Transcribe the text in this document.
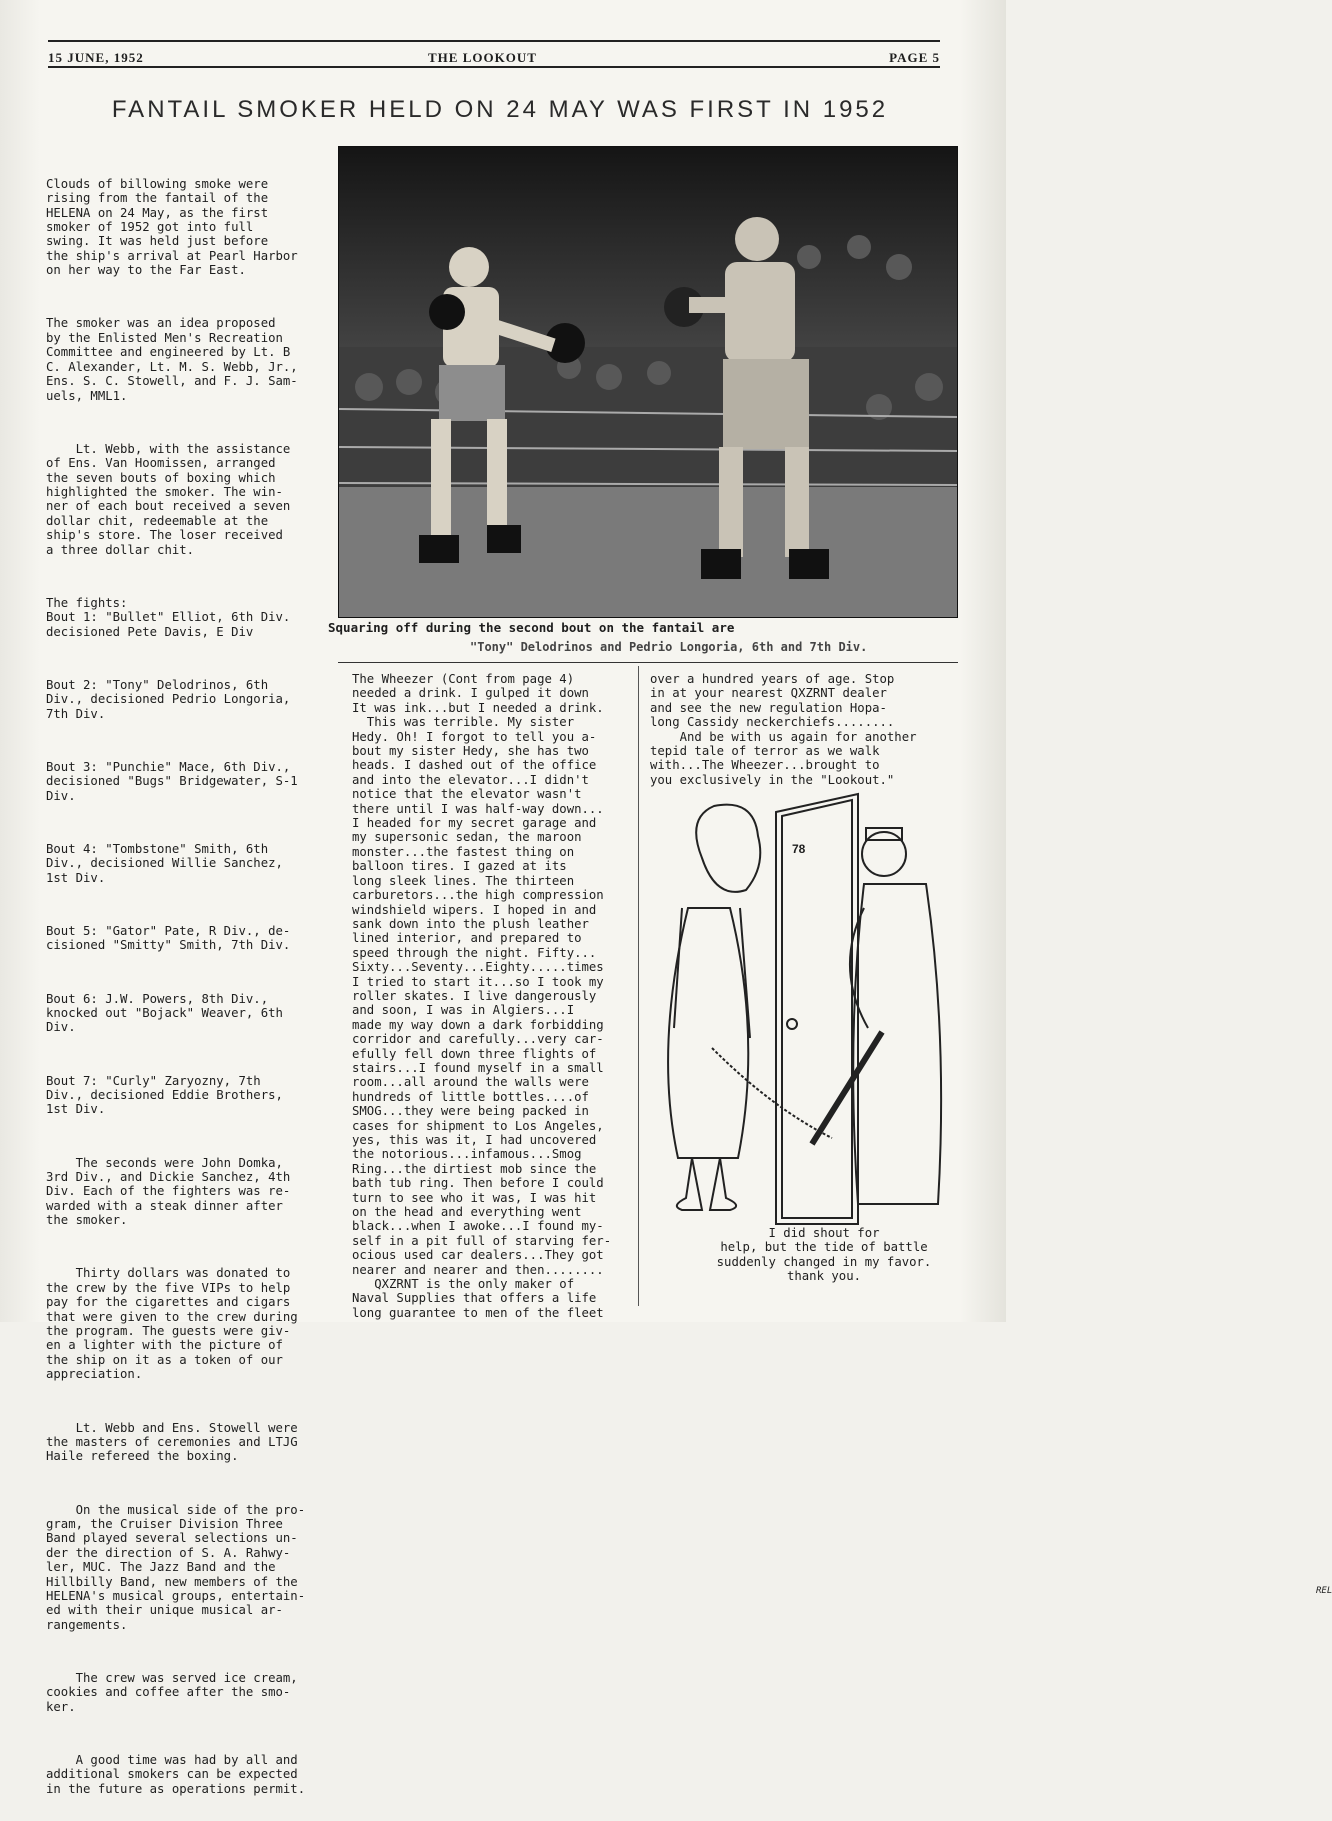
15 JUNE, 1952	THE LOOKOUT	PAGE 5
FANTAIL SMOKER HELD ON 24 MAY WAS FIRST IN 1952

Clouds of billowing smoke were
rising from the fantail of the
HELENA on 24 May, as the first
smoker of 1952 got into full
swing. It was held just before
the ship's arrival at Pearl Harbor
on her way to the Far East.

The smoker was an idea proposed
by the Enlisted Men's Recreation
Committee and engineered by Lt. B
C. Alexander, Lt. M. S. Webb, Jr.,
Ens. S. C. Stowell, and F. J. Sam-
uels, MML1.

Lt. Webb, with the assistance
of Ens. Van Hoomissen, arranged
the seven bouts of boxing which
highlighted the smoker. The win-
ner of each bout received a seven
dollar chit, redeemable at the
ship's store. The loser received
a three dollar chit.

The fights:
Bout 1: "Bullet" Elliot, 6th Div.
decisioned Pete Davis, E Div

Bout 2: "Tony" Delodrinos, 6th
Div., decisioned Pedrio Longoria,
7th Div.

Bout 3: "Punchie" Mace, 6th Div.,
decisioned "Bugs" Bridgewater, S-1
Div.

Bout 4: "Tombstone" Smith, 6th
Div., decisioned Willie Sanchez,
1st Div.

Bout 5: "Gator" Pate, R Div., de-
cisioned "Smitty" Smith, 7th Div.

Bout 6: J.W. Powers, 8th Div.,
knocked out "Bojack" Weaver, 6th
Div.

Bout 7: "Curly" Zaryozny, 7th
Div., decisioned Eddie Brothers,
1st Div.

The seconds were John Domka,
3rd Div., and Dickie Sanchez, 4th
Div. Each of the fighters was re-
warded with a steak dinner after
the smoker.

Thirty dollars was donated to
the crew by the five VIPs to help
pay for the cigarettes and cigars
that were given to the crew during
the program. The guests were giv-
en a lighter with the picture of
the ship on it as a token of our
appreciation.

Lt. Webb and Ens. Stowell were
the masters of ceremonies and LTJG
Haile refereed the boxing.

On the musical side of the pro-
gram, the Cruiser Division Three
Band played several selections un-
der the direction of S. A. Rahwy-
ler, MUC. The Jazz Band and the
Hillbilly Band, new members of the
HELENA's musical groups, entertain-
ed with their unique musical ar-
rangements.

The crew was served ice cream,
cookies and coffee after the smo-
ker.

A good time was had by all and
additional smokers can be expected
in the future as operations permit.

Squaring off during the second bout on the fantail are
"Tony" Delodrinos and Pedrio Longoria, 6th and 7th Div.
The Wheezer (Cont from page 4)
needed a drink. I gulped it down
It was ink...but I needed a drink.
This was terrible. My sister
Hedy. Oh! I forgot to tell you a-
bout my sister Hedy, she has two
heads. I dashed out of the office
and into the elevator...I didn't
notice that the elevator wasn't
there until I was half-way down...
I headed for my secret garage and
my supersonic sedan, the maroon
monster...the fastest thing on
balloon tires. I gazed at its
long sleek lines. The thirteen
carburetors...the high compression
windshield wipers. I hoped in and
sank down into the plush leather
lined interior, and prepared to
speed through the night. Fifty...
Sixty...Seventy...Eighty.....times
I tried to start it...so I took my
roller skates. I live dangerously
and soon, I was in Algiers...I
made my way down a dark forbidding
corridor and carefully...very car-
efully fell down three flights of
stairs...I found myself in a small
room...all around the walls were
hundreds of little bottles....of
SMOG...they were being packed in
cases for shipment to Los Angeles,
yes, this was it, I had uncovered
the notorious...infamous...Smog
Ring...the dirtiest mob since the
bath tub ring. Then before I could
turn to see who it was, I was hit
on the head and everything went
black...when I awoke...I found my-
self in a pit full of starving fer-
ocious used car dealers...They got
nearer and nearer and then........
QXZRNT is the only maker of
Naval Supplies that offers a life
long guarantee to men of the fleet
over a hundred years of age. Stop
in at your nearest QXZRNT dealer
and see the new regulation Hopa-
long Cassidy neckerchiefs........
And be with us again for another
tepid tale of terror as we walk
with...The Wheezer...brought to
you exclusively in the "Lookout."
REL
78
I did shout for
help, but the tide of battle
suddenly changed in my favor.
thank you.
